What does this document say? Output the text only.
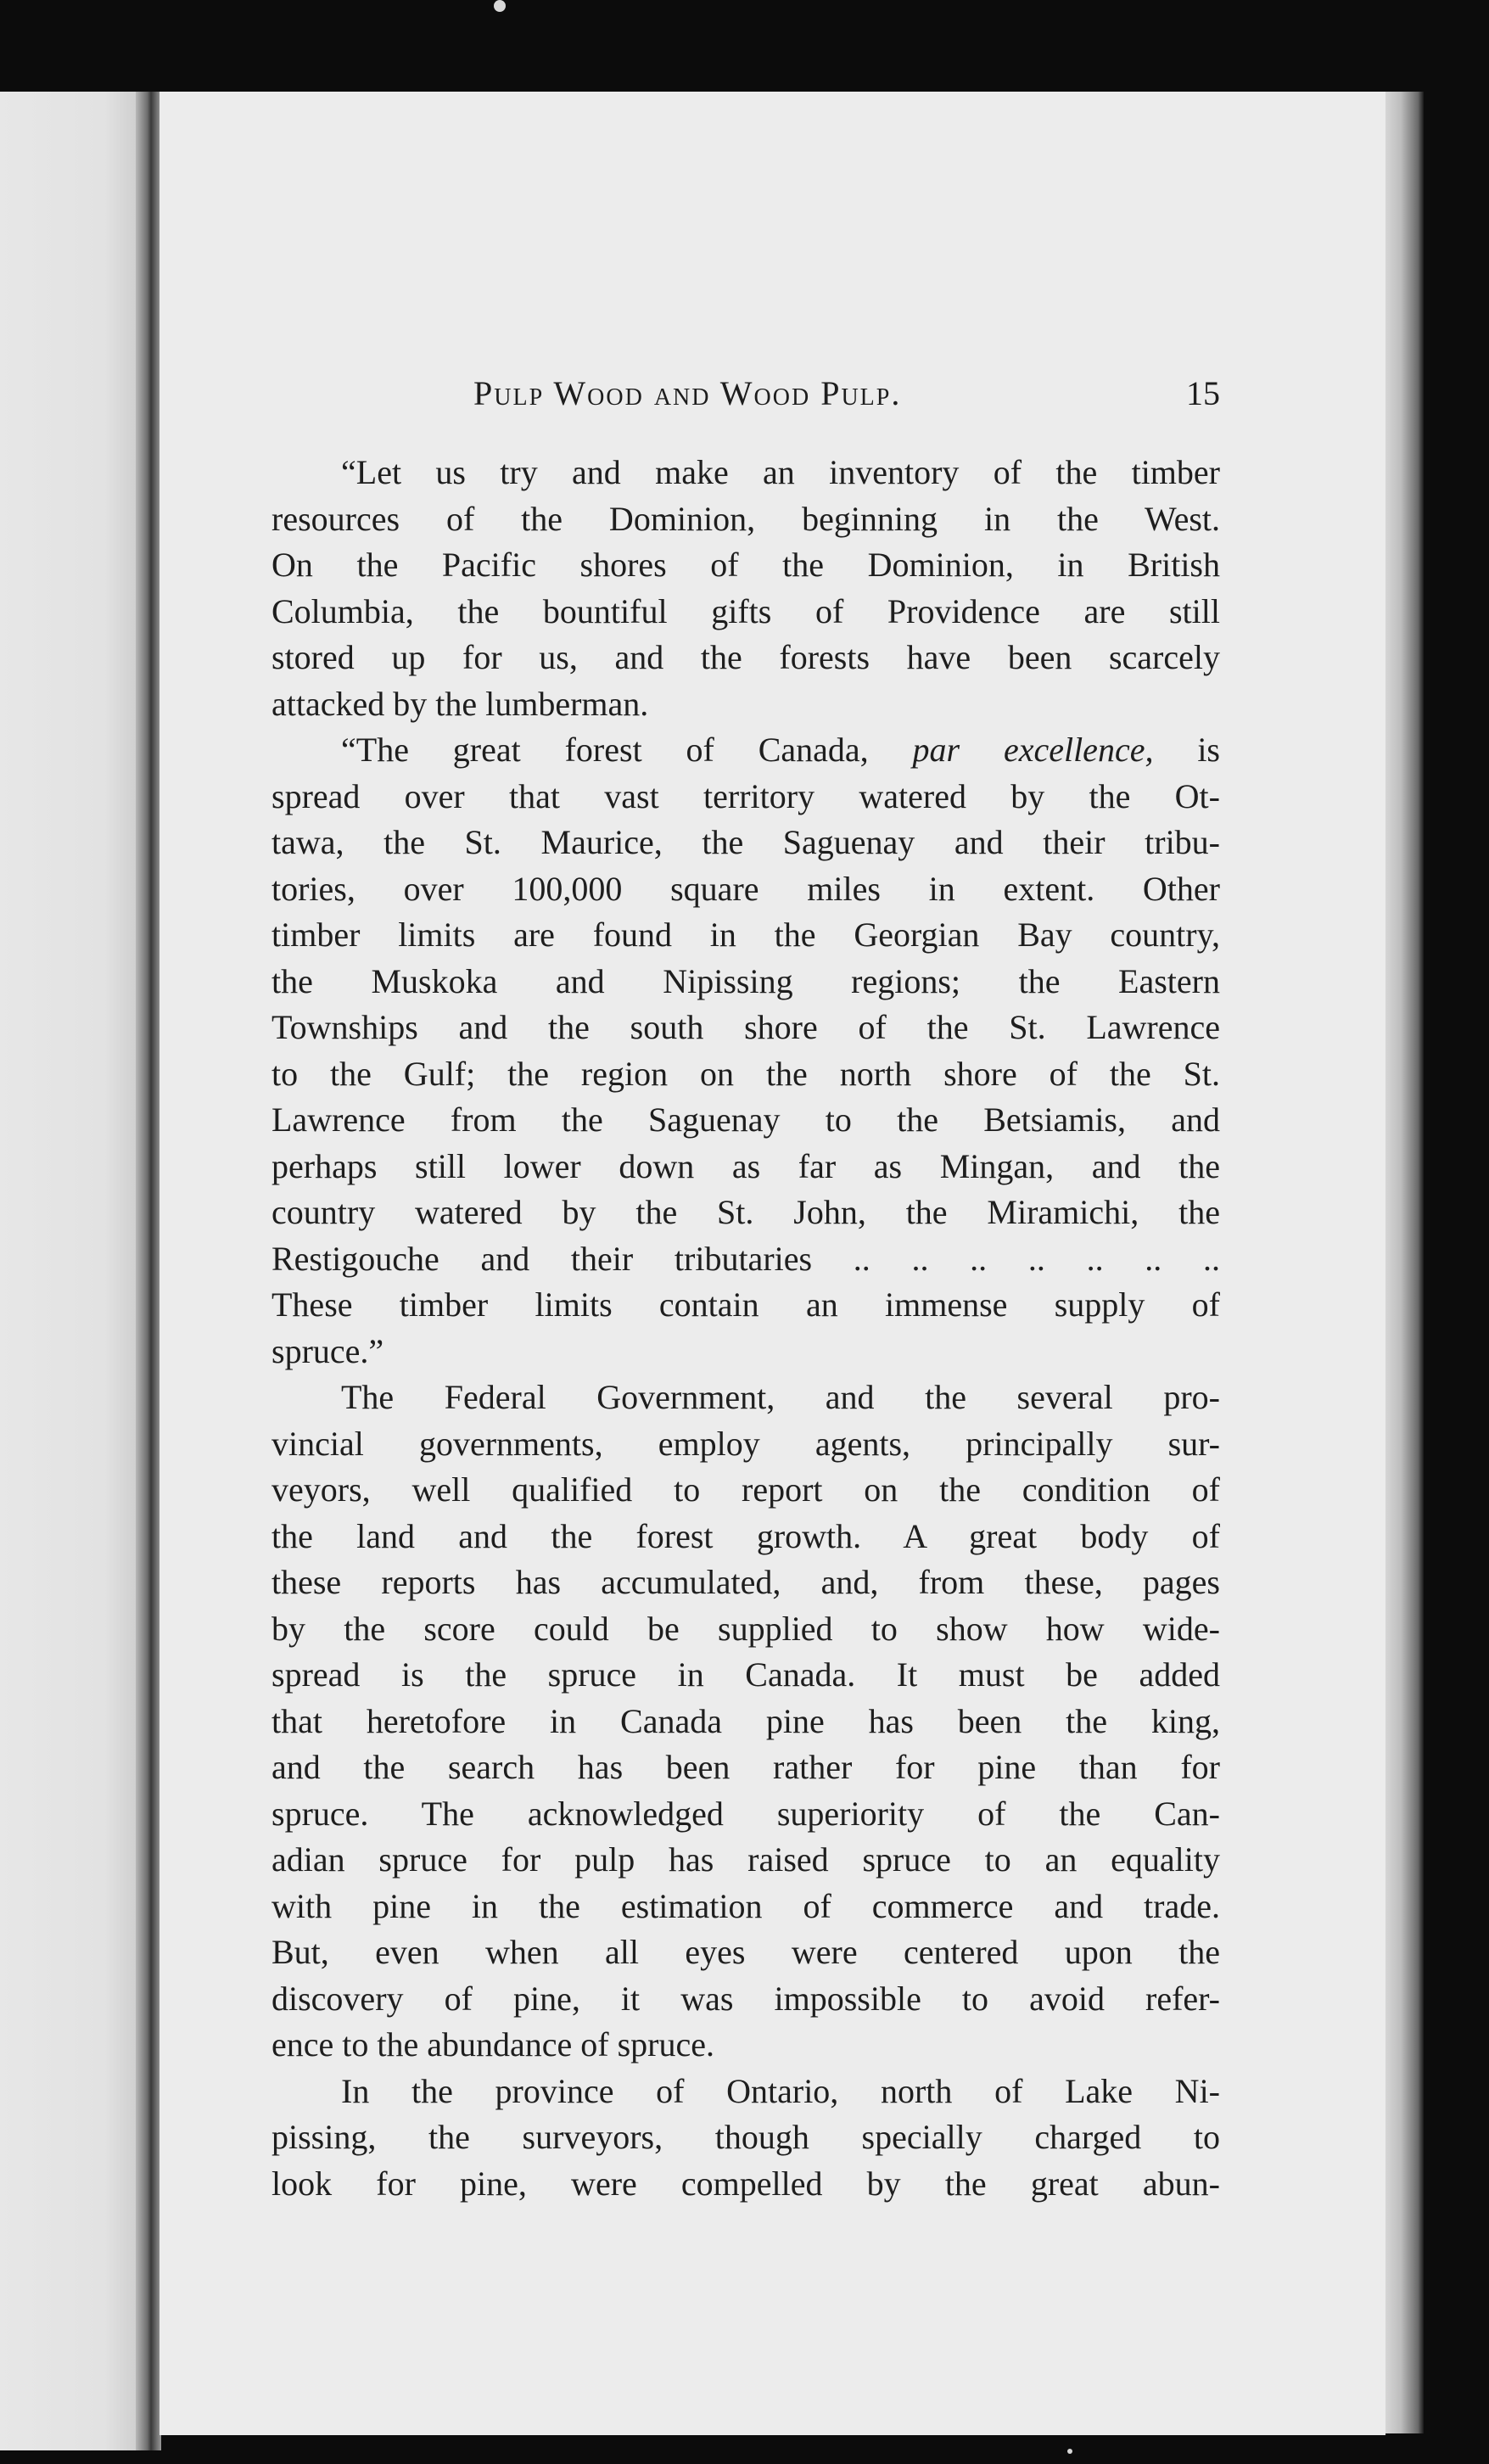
Pulp Wood and Wood Pulp.	15

“Let us try and make an inventory of the timber
resources of the Dominion, beginning in the West.
On the Pacific shores of the Dominion, in British
Columbia, the bountiful gifts of Providence are still
stored up for us, and the forests have been scarcely
attacked by the lumberman.

“The great forest of Canada, par excellence, is
spread over that vast territory watered by the Ot-
tawa, the St. Maurice, the Saguenay and their tribu-
tories, over 100,000 square miles in extent. Other
timber limits are found in the Georgian Bay country,
the Muskoka and Nipissing regions; the Eastern
Townships and the south shore of the St. Lawrence
to the Gulf; the region on the north shore of the St.
Lawrence from the Saguenay to the Betsiamis, and
perhaps still lower down as far as Mingan, and the
country watered by the St. John, the Miramichi, the
Restigouche and their tributaries .. .. .. .. .. .. ..
These timber limits contain an immense supply of
spruce.”

The Federal Government, and the several pro-
vincial governments, employ agents, principally sur-
veyors, well qualified to report on the condition of
the land and the forest growth. A great body of
these reports has accumulated, and, from these, pages
by the score could be supplied to show how wide-
spread is the spruce in Canada. It must be added
that heretofore in Canada pine has been the king,
and the search has been rather for pine than for
spruce. The acknowledged superiority of the Can-
adian spruce for pulp has raised spruce to an equality
with pine in the estimation of commerce and trade.
But, even when all eyes were centered upon the
discovery of pine, it was impossible to avoid refer-
ence to the abundance of spruce.

In the province of Ontario, north of Lake Ni-
pissing, the surveyors, though specially charged to
look for pine, were compelled by the great abun-
